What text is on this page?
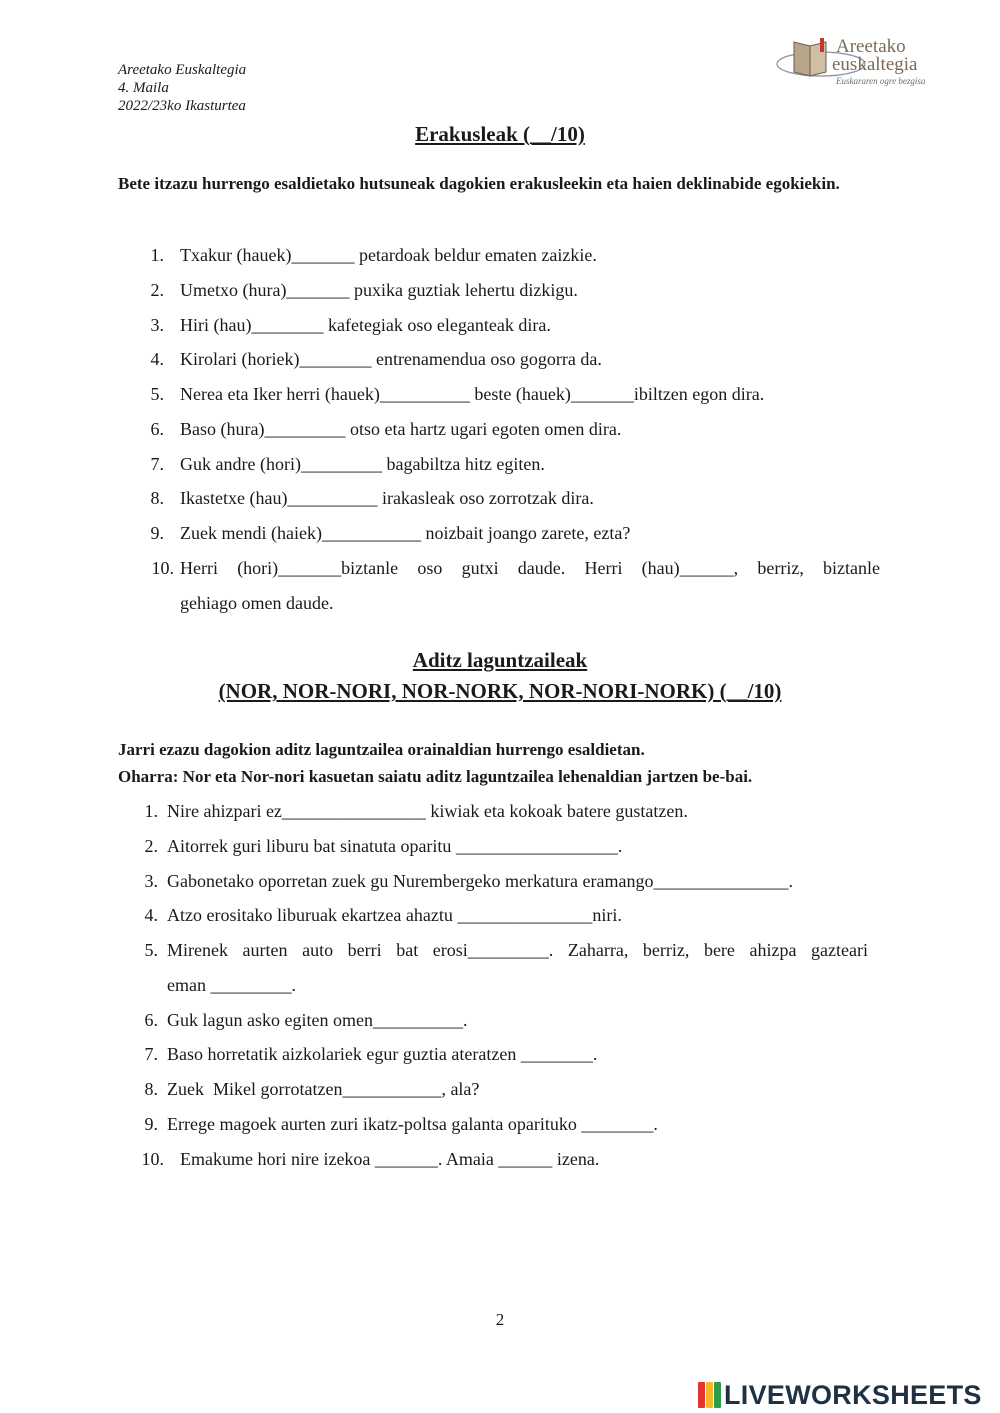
Areetako Euskaltegia
4. Maila
2022/23ko Ikasturtea
Areetako
euskaltegia
Euskararen ogre bezgisa
Erakusleak (__/10)
Bete itzazu hurrengo esaldietako hutsuneak dagokien erakusleekin eta haien deklinabide egokiekin.
1. Txakur (hauek)_______ petardoak beldur ematen zaizkie.
2. Umetxo (hura)_______ puxika guztiak lehertu dizkigu.
3. Hiri (hau)________ kafetegiak oso eleganteak dira.
4. Kirolari (horiek)________ entrenamendua oso gogorra da.
5. Nerea eta Iker herri (hauek)__________ beste (hauek)_______ibiltzen egon dira.
6. Baso (hura)_________ otso eta hartz ugari egoten omen dira.
7. Guk andre (hori)_________ bagabiltza hitz egiten.
8. Ikastetxe (hau)__________ irakasleak oso zorrotzak dira.
9. Zuek mendi (haiek)___________ noizbait joango zarete, ezta?
10. Herri (hori)_______biztanle oso gutxi daude. Herri (hau)______, berriz, biztanle
gehiago omen daude.
Aditz laguntzaileak
(NOR, NOR-NORI, NOR-NORK, NOR-NORI-NORK) (__/10)
Jarri ezazu dagokion aditz laguntzailea orainaldian hurrengo esaldietan.
Oharra: Nor eta Nor-nori kasuetan saiatu aditz laguntzailea lehenaldian jartzen be-bai.
1. Nire ahizpari ez________________ kiwiak eta kokoak batere gustatzen.
2. Aitorrek guri liburu bat sinatuta oparitu __________________.
3. Gabonetako oporretan zuek gu Nurembergeko merkatura eramango_______________.
4. Atzo erositako liburuak ekartzea ahaztu _______________niri.
5. Mirenek aurten auto berri bat erosi_________. Zaharra, berriz, bere ahizpa gazteari
eman _________.
6. Guk lagun asko egiten omen__________.
7. Baso horretatik aizkolariek egur guztia ateratzen ________.
8. Zuek  Mikel gorrotatzen___________, ala?
9. Errege magoek aurten zuri ikatz-poltsa galanta oparituko ________.
10. Emakume hori nire izekoa _______. Amaia ______ izena.
2
LIVEWORKSHEETS
